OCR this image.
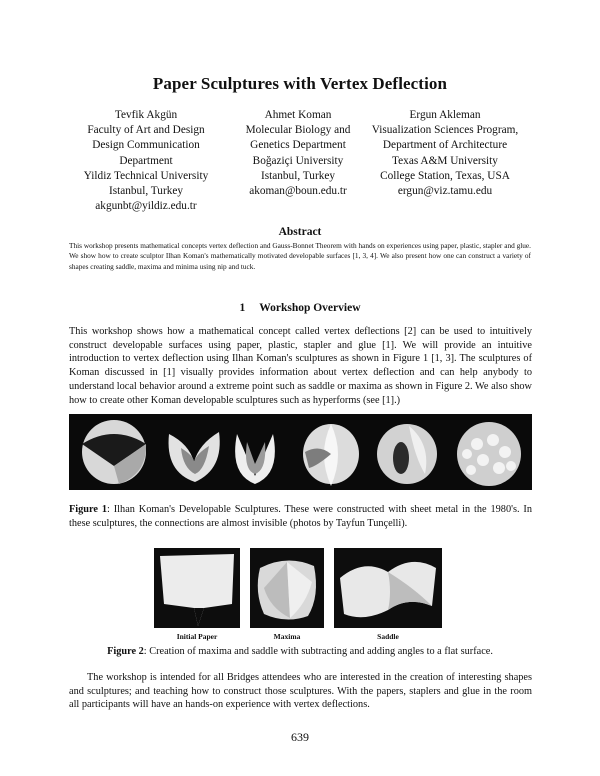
Paper Sculptures with Vertex Deflection
Tevfik Akgün
Faculty of Art and Design
Design Communication
Department
Yildiz Technical University
Istanbul, Turkey
akgunbt@yildiz.edu.tr
Ahmet Koman
Molecular Biology and
Genetics Department
Boğaziçi University
Istanbul, Turkey
akoman@boun.edu.tr
Ergun Akleman
Visualization Sciences Program,
Department of Architecture
Texas A&M University
College Station, Texas, USA
ergun@viz.tamu.edu
Abstract
This workshop presents mathematical concepts vertex deflection and Gauss-Bonnet Theorem with hands on experiences using paper, plastic, stapler and glue. We show how to create sculptor Ilhan Koman's mathematically motivated developable surfaces [1, 3, 4]. We also present how one can construct a variety of shapes creating saddle, maxima and minima using nip and tuck.
1 Workshop Overview
This workshop shows how a mathematical concept called vertex deflections [2] can be used to intuitively construct developable surfaces using paper, plastic, stapler and glue [1]. We will provide an intuitive introduction to vertex deflection using Ilhan Koman's sculptures as shown in Figure 1 [1, 3]. The sculptures of Koman discussed in [1] visually provides information about vertex deflection and can help anybody to understand local behavior around a extreme point such as saddle or maxima as shown in Figure 2. We also show how to create other Koman developable sculptures such as hyperforms (see [1].)
Figure 1: Ilhan Koman's Developable Sculptures. These were constructed with sheet metal in the 1980's. In these sculptures, the connections are almost invisible (photos by Tayfun Tunçelli).
Initial Paper	Maxima	Saddle
Figure 2: Creation of maxima and saddle with subtracting and adding angles to a flat surface.
The workshop is intended for all Bridges attendees who are interested in the creation of interesting shapes and sculptures; and teaching how to construct those sculptures. With the papers, staplers and glue in the room all participants will have an hands-on experience with vertex deflections.
639
